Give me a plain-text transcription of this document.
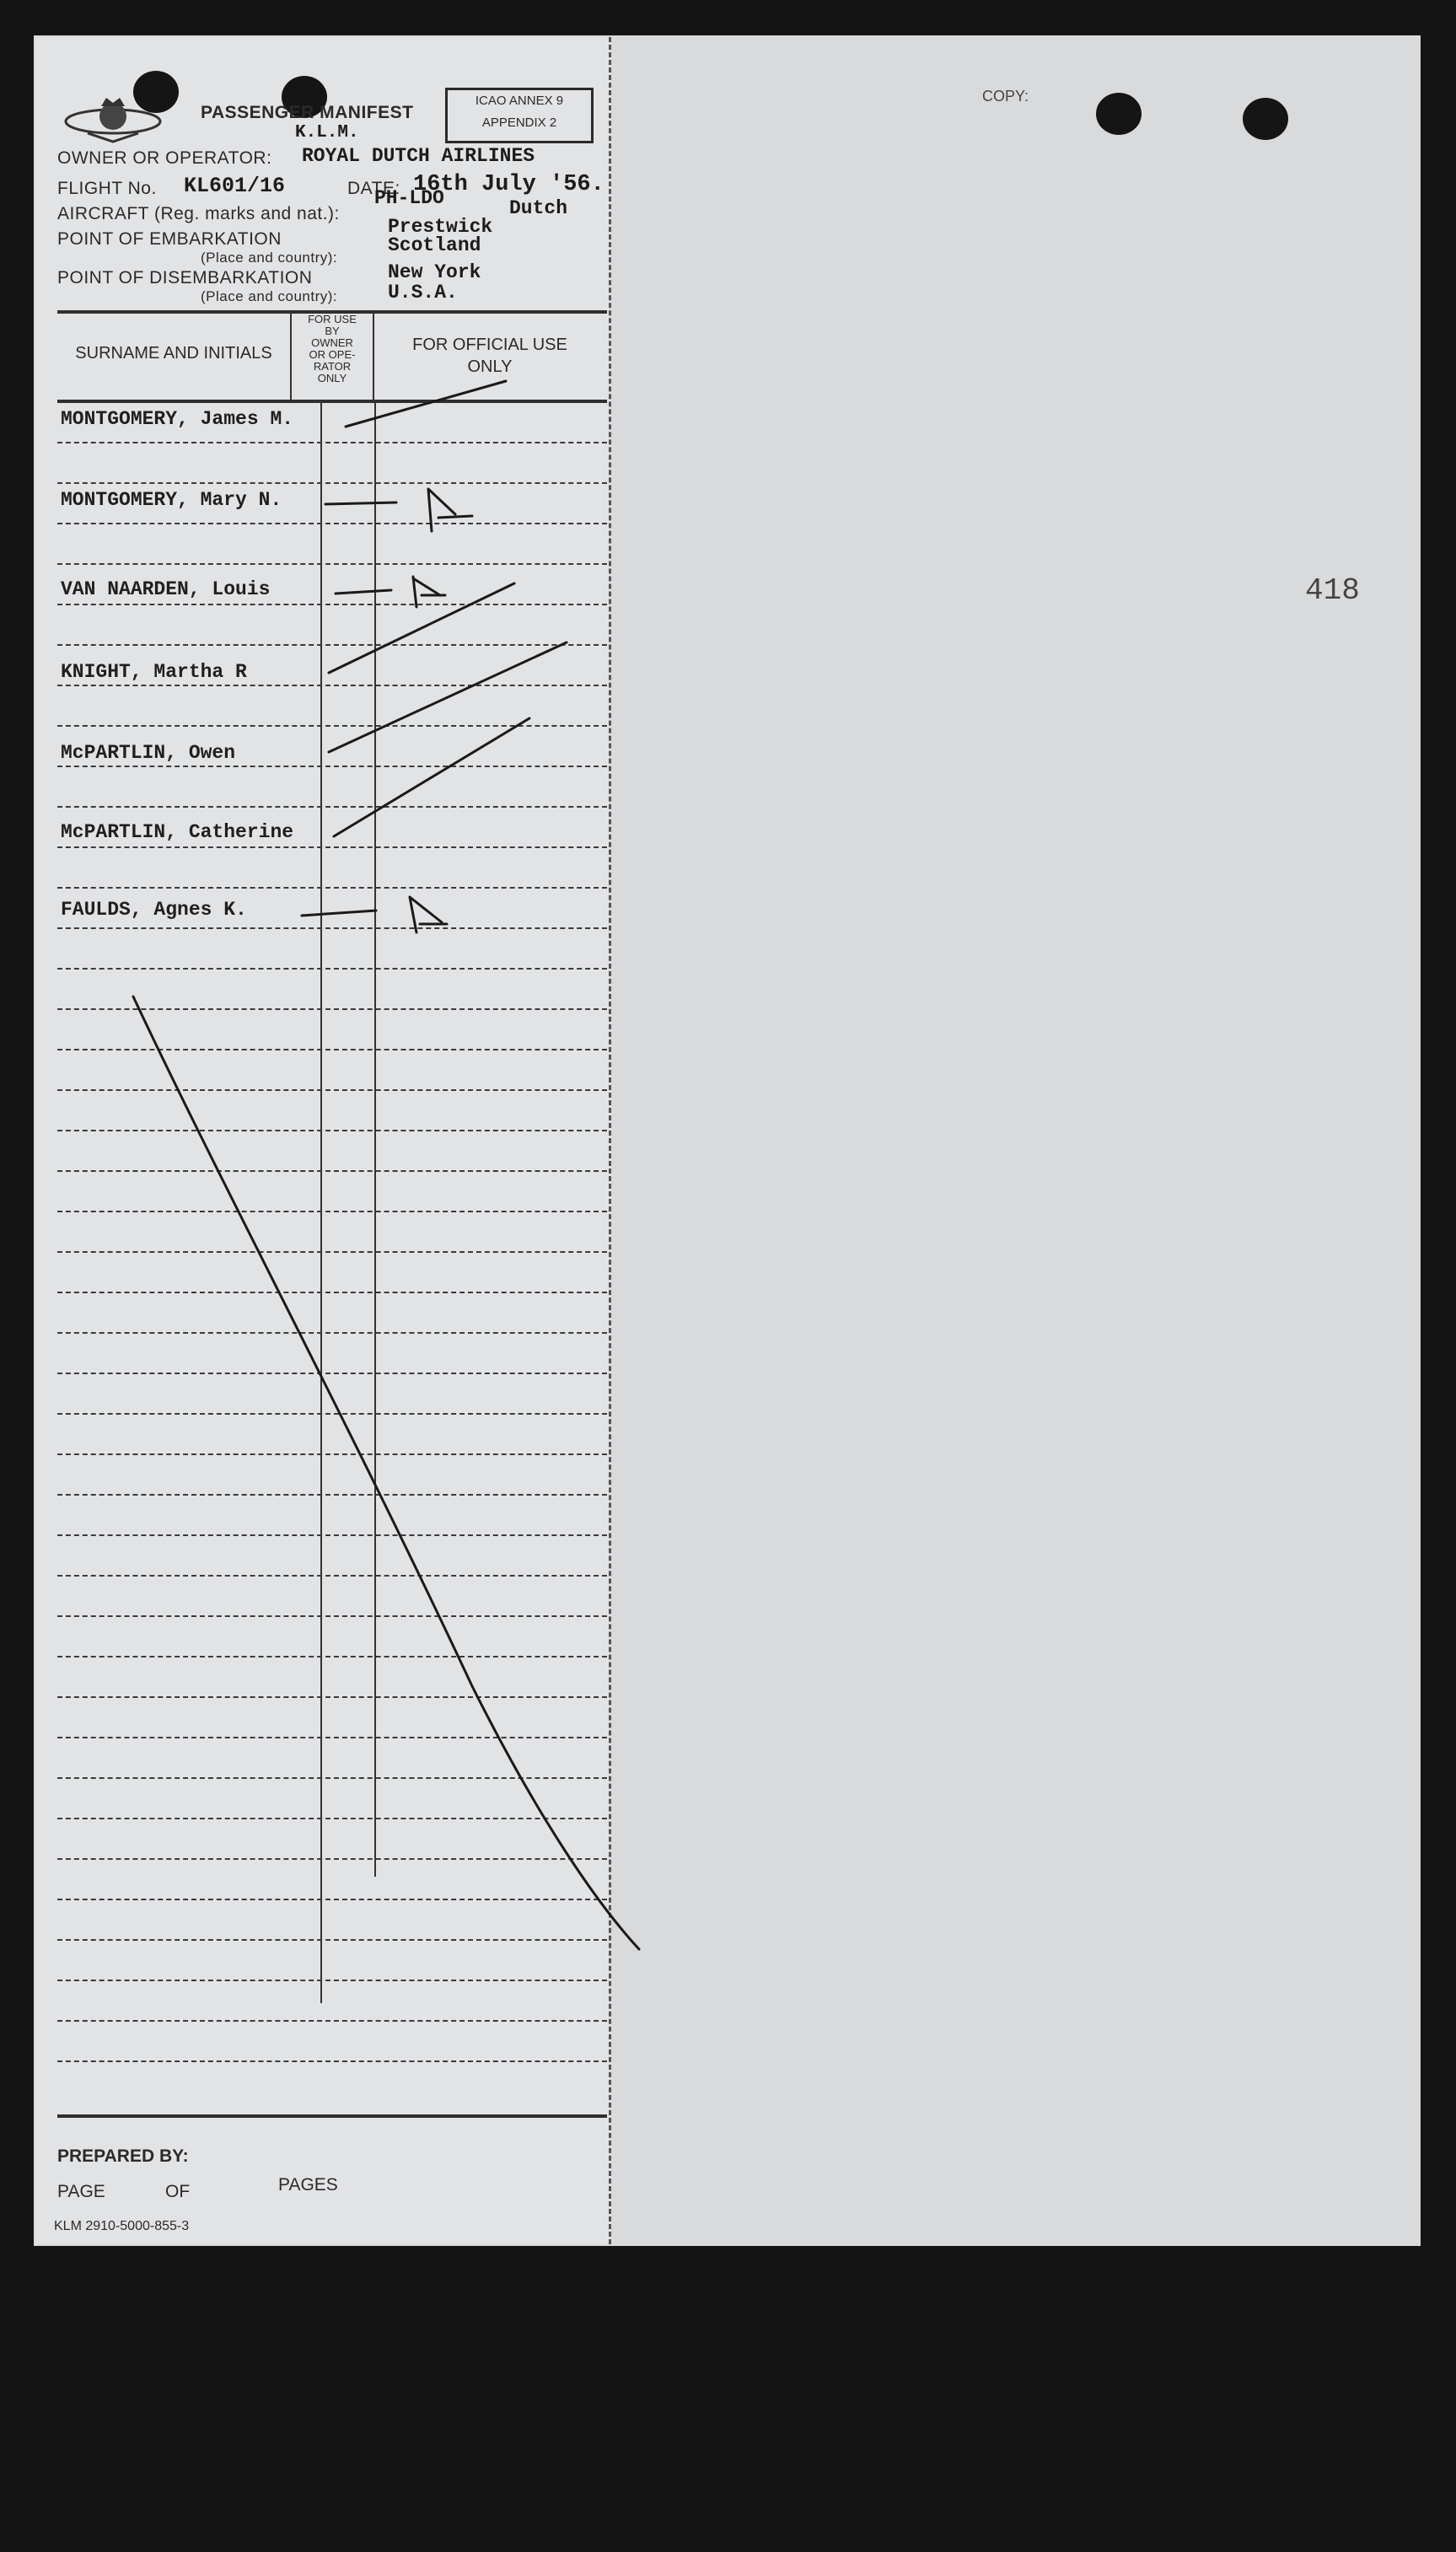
PASSENGER MANIFEST
K.L.M.
ICAO ANNEX 9
APPENDIX 2
OWNER OR OPERATOR: ROYAL DUTCH AIRLINES
FLIGHT No. KL601/16	DATE: 16th July '56.
AIRCRAFT (Reg. marks and nat.):
PH-LDO	Dutch
POINT OF EMBARKATION
(Place and country):
Prestwick
Scotland
POINT OF DISEMBARKATION
(Place and country):
New York
U.S.A.
SURNAME AND INITIALS
FOR USE
BY
OWNER
OR OPE-
RATOR
ONLY
FOR OFFICIAL USE
ONLY
MONTGOMERY, James M.
MONTGOMERY, Mary N.
VAN NAARDEN, Louis
KNIGHT, Martha R
McPARTLIN, Owen
McPARTLIN, Catherine
FAULDS, Agnes K.
PREPARED BY:
PAGE	OF	PAGES
KLM 2910-5000-855-3
COPY:
418
